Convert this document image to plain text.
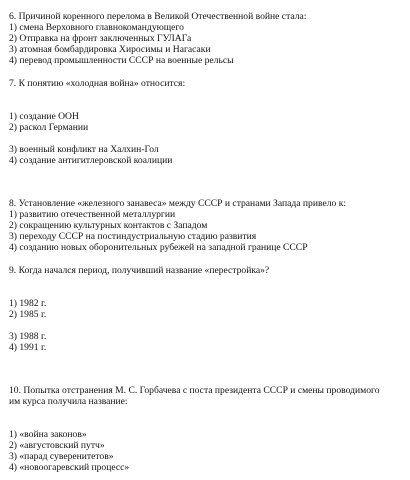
6. Причиной коренного перелома в Великой Отечественной войне стала:
1) смена Верховного главнокомандующего
2) Отправка на фронт заключенных ГУЛАГа
3) атомная бомбардировка Хиросимы и Нагасаки
4) перевод промышленности СССР на военные рельсы
7. К понятию «холодная война» относится:
1) создание ООН
2) раскол Германии
3) военный конфликт на Халхин-Гол
4) создание антигитлеровской коалиции
8. Установление «железного занавеса» между СССР и странами Запада привело к:
1) развитию отечественной металлургии
2) сокращению культурных контактов с Западом
3) переходу СССР на постиндустриальную стадию развития
4) созданию новых оборонительных рубежей на западной границе СССР
9. Когда начался период, получивший название «перестройка»?
1) 1982 г.
2) 1985 г.
3) 1988 г.
4) 1991 г.
10. Попытка отстранения М. С. Горбачева с поста президента СССР и смены проводимого
им курса получила название:
1) «война законов»
2) «августовский путч»
3) «парад суверенитетов»
4) «новоогаревский процесс»
